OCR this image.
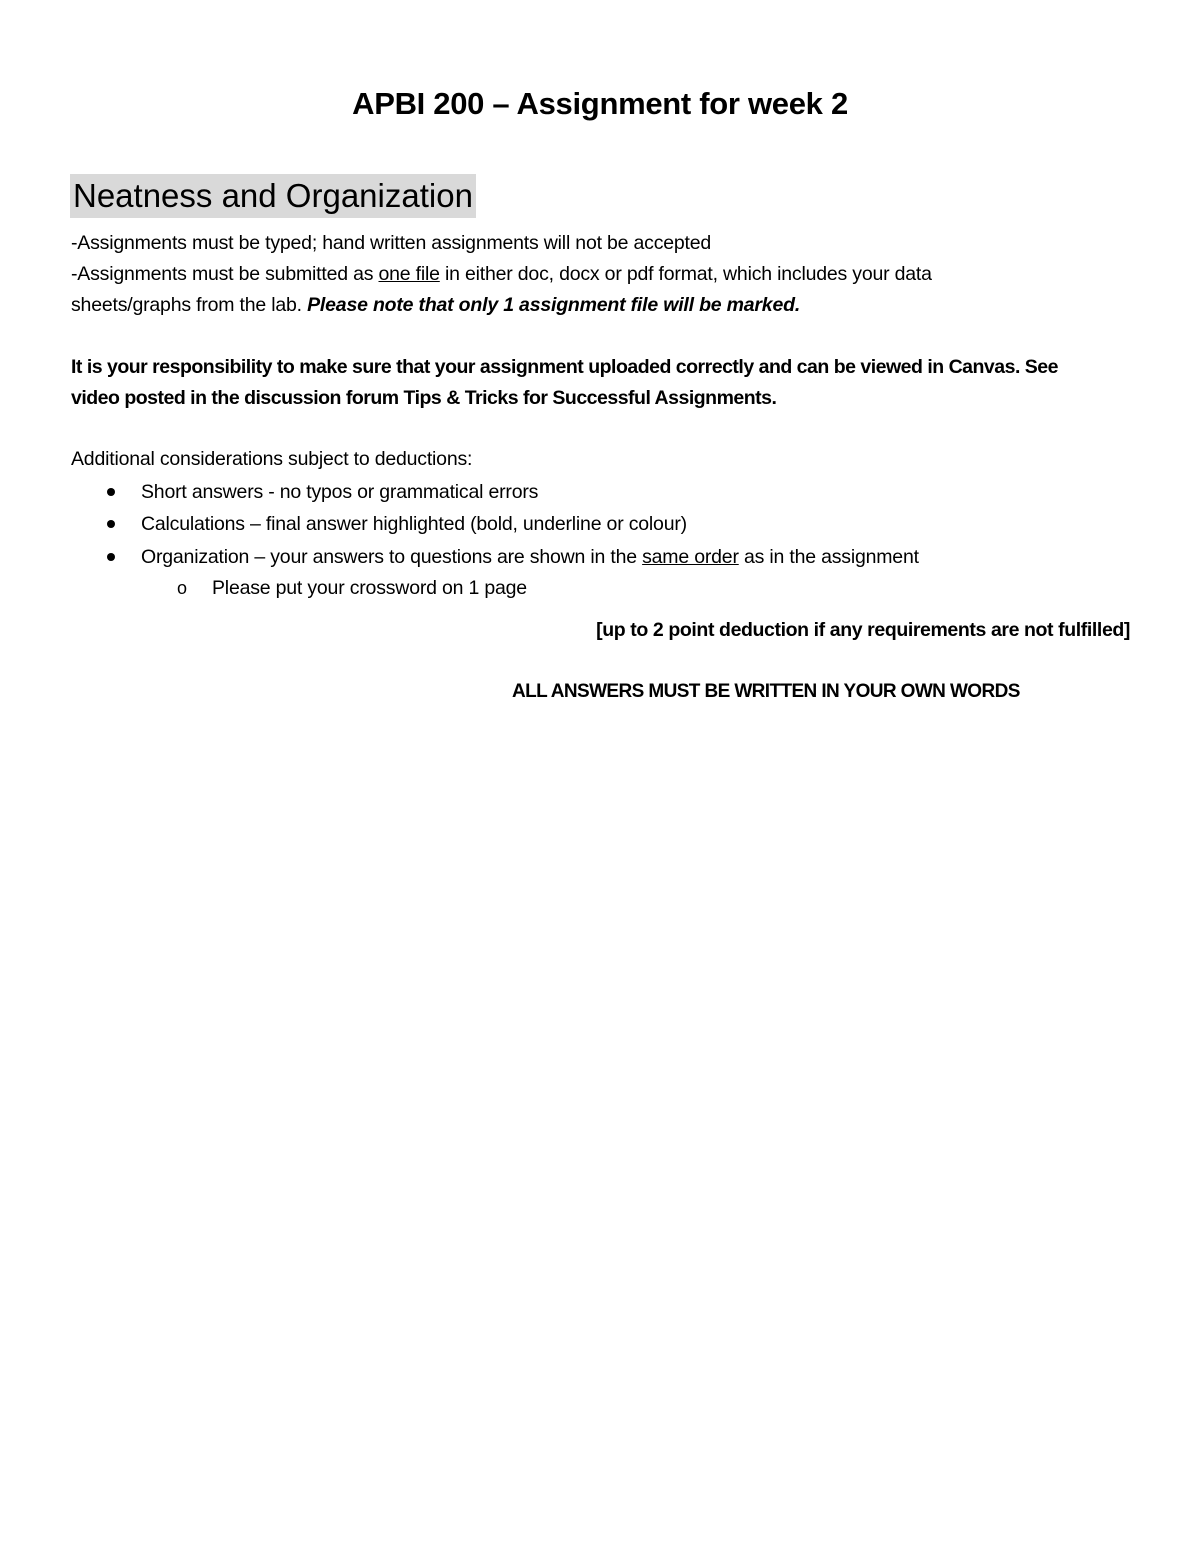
APBI 200 – Assignment for week 2
Neatness and Organization
-Assignments must be typed; hand written assignments will not be accepted
-Assignments must be submitted as one file in either doc, docx or pdf format, which includes your data
sheets/graphs from the lab. Please note that only 1 assignment file will be marked.
It is your responsibility to make sure that your assignment uploaded correctly and can be viewed in Canvas. See
video posted in the discussion forum Tips & Tricks for Successful Assignments.
Additional considerations subject to deductions:
Short answers - no typos or grammatical errors
Calculations – final answer highlighted (bold, underline or colour)
Organization – your answers to questions are shown in the same order as in the assignment
o Please put your crossword on 1 page
[up to 2 point deduction if any requirements are not fulfilled]
ALL ANSWERS MUST BE WRITTEN IN YOUR OWN WORDS
